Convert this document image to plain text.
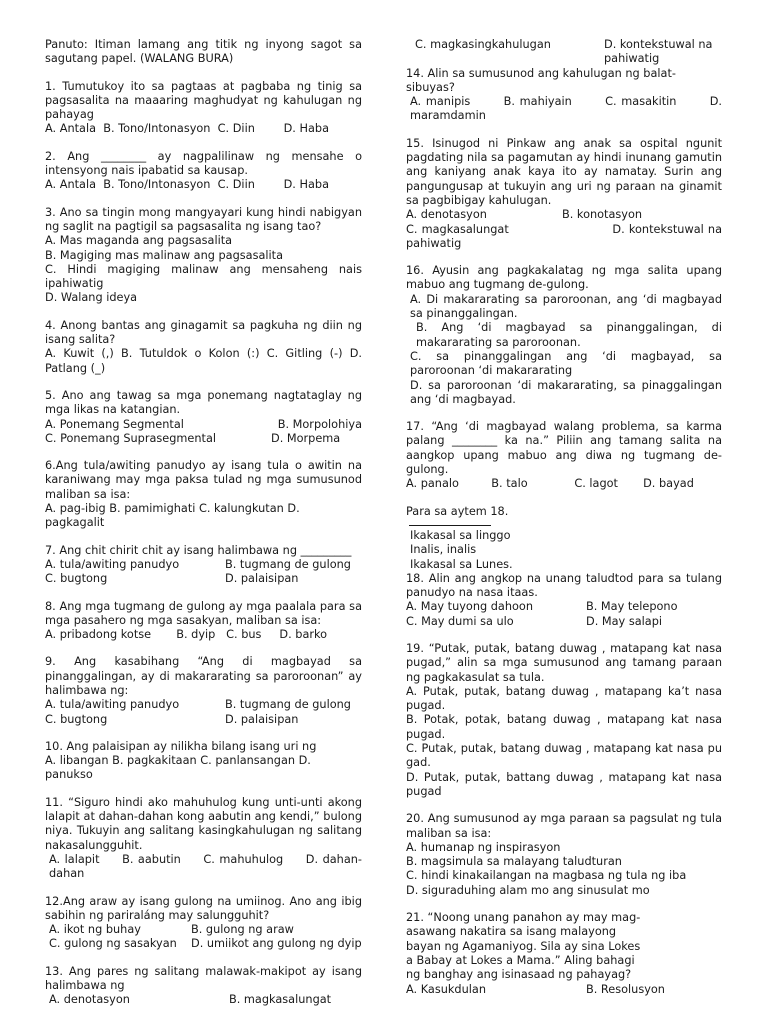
Panuto: Itiman lamang ang titik ng inyong sagot sa sagutang papel. (WALANG BURA)
1. Tumutukoy ito sa pagtaas at pagbaba ng tinig sa pagsasalita na maaaring maghudyat ng kahulugan ng pahayag
A. Antala B. Tono/Intonasyon C. Diin	D. Haba
2. Ang ________ ay nagpalilinaw ng mensahe o intensyong nais ipabatid sa kausap.
A. Antala B. Tono/Intonasyon C. Diin	D. Haba
3. Ano sa tingin mong mangyayari kung hindi nabigyan ng saglit na pagtigil sa pagsasalita ng isang tao?
A. Mas maganda ang pagsasalita
B. Magiging mas malinaw ang pagsasalita
C. Hindi magiging malinaw ang mensaheng nais ipahiwatig
D. Walang ideya
4. Anong bantas ang ginagamit sa pagkuha ng diin ng isang salita?
A. Kuwit (,) B. Tutuldok o Kolon (:) C. Gitling (-) D. Patlang (_)
5. Ano ang tawag sa mga ponemang nagtataglay ng mga likas na katangian.
A. Ponemang Segmental	B. Morpolohiya
C. Ponemang Suprasegmental	D. Morpema
6.Ang tula/awiting panudyo ay isang tula o awitin na karaniwang may mga paksa tulad ng mga sumusunod maliban sa isa:
A. pag-ibig B. pamimighati C. kalungkutan D. pagkagalit
7. Ang chit chirit chit ay isang halimbawa ng _________
A. tula/awiting panudyo	B. tugmang de gulong
C. bugtong	D. palaisipan
8. Ang mga tugmang de gulong ay mga paalala para sa mga pasahero ng mga sasakyan, maliban sa isa:
A. pribadong kotse B. dyip C. bus D. barko
9. Ang kasabihang “Ang di magbayad sa pinanggalingan, ay di makararating sa paroroonan” ay halimbawa ng:
A. tula/awiting panudyo	B. tugmang de gulong
C. bugtong	D. palaisipan
10. Ang palaisipan ay nilikha bilang isang uri ng
A. libangan B. pagkakitaan C. panlansangan D. panukso
11. “Siguro hindi ako mahuhulog kung unti-unti akong lalapit at dahan-dahan kong aabutin ang kendi,” bulong niya. Tukuyin ang salitang kasingkahulugan ng salitang nakasalungguhit.
A. lalapit B. aabutin C. mahuhulog D. dahan-dahan
12.Ang araw ay isang gulong na umiinog. Ano ang ibig sabihin ng pariraláng may salungguhit?
A. ikot ng buhay	B. gulong ng araw
C. gulong ng sasakyan	D. umiikot ang gulong ng dyip
13. Ang pares ng salitang malawak-makipot ay isang halimbawa ng
A. denotasyon	B. magkasalungat
C. magkasingkahulugan	D. kontekstuwal na pahiwatig
14. Alin sa sumusunod ang kahulugan ng balat-sibuyas?
A. manipis	B. mahiyain	C. masakitin	D. maramdamin
15. Isinugod ni Pinkaw ang anak sa ospital ngunit pagdating nila sa pagamutan ay hindi inunang gamutin ang kaniyang anak kaya ito ay namatay. Surin ang pangungusap at tukuyin ang uri ng paraan na ginamit sa pagbibigay kahulugan.
A. denotasyon	B. konotasyon
C. magkasalungat	D. kontekstuwal na pahiwatig
16. Ayusin ang pagkakalatag ng mga salita upang mabuo ang tugmang de-gulong.
A. Di makararating sa paroroonan, ang ‘di magbayad sa pinanggalingan.
B. Ang ‘di magbayad sa pinanggalingan, di makararating sa paroroonan.
C. sa pinanggalingan ang ‘di magbayad, sa paroroonan ‘di makararating
D. sa paroroonan ‘di makararating, sa pinaggalingan ang ‘di magbayad.
17. “Ang ‘di magbayad walang problema, sa karma palang ________ ka na.” Piliin ang tamang salita na aangkop upang mabuo ang diwa ng tugmang de-gulong.
A. panalo	B. talo	C. lagot D. bayad
Para sa aytem 18.
Ikakasal sa linggo
Inalis, inalis
Ikakasal sa Lunes.
18. Alin ang angkop na unang taludtod para sa tulang panudyo na nasa itaas.
A. May tuyong dahoon	B. May telepono
C. May dumi sa ulo	D. May salapi
19. “Putak, putak, batang duwag , matapang kat nasa pugad,” alin sa mga sumusunod ang tamang paraan ng pagkakasulat sa tula.
A. Putak, putak, batang duwag , matapang ka’t nasa pugad.
B. Potak, potak, batang duwag , matapang kat nasa pugad.
C. Putak, putak, batang duwag , matapang kat nasa pu gad.
D. Putak, putak, battang duwag , matapang kat nasa pugad
20. Ang sumusunod ay mga paraan sa pagsulat ng tula maliban sa isa:
A. humanap ng inspirasyon
B. magsimula sa malayang taludturan
C. hindi kinakailangan na magbasa ng tula ng iba
D. siguraduhing alam mo ang sinusulat mo
21. “Noong unang panahon ay may mag-asawang nakatira sa isang malayong bayan ng Agamaniyog. Sila ay sina Lokes a Babay at Lokes a Mama.” Aling bahagi ng banghay ang isinasaad ng pahayag?
A. Kasukdulan	B. Resolusyon
